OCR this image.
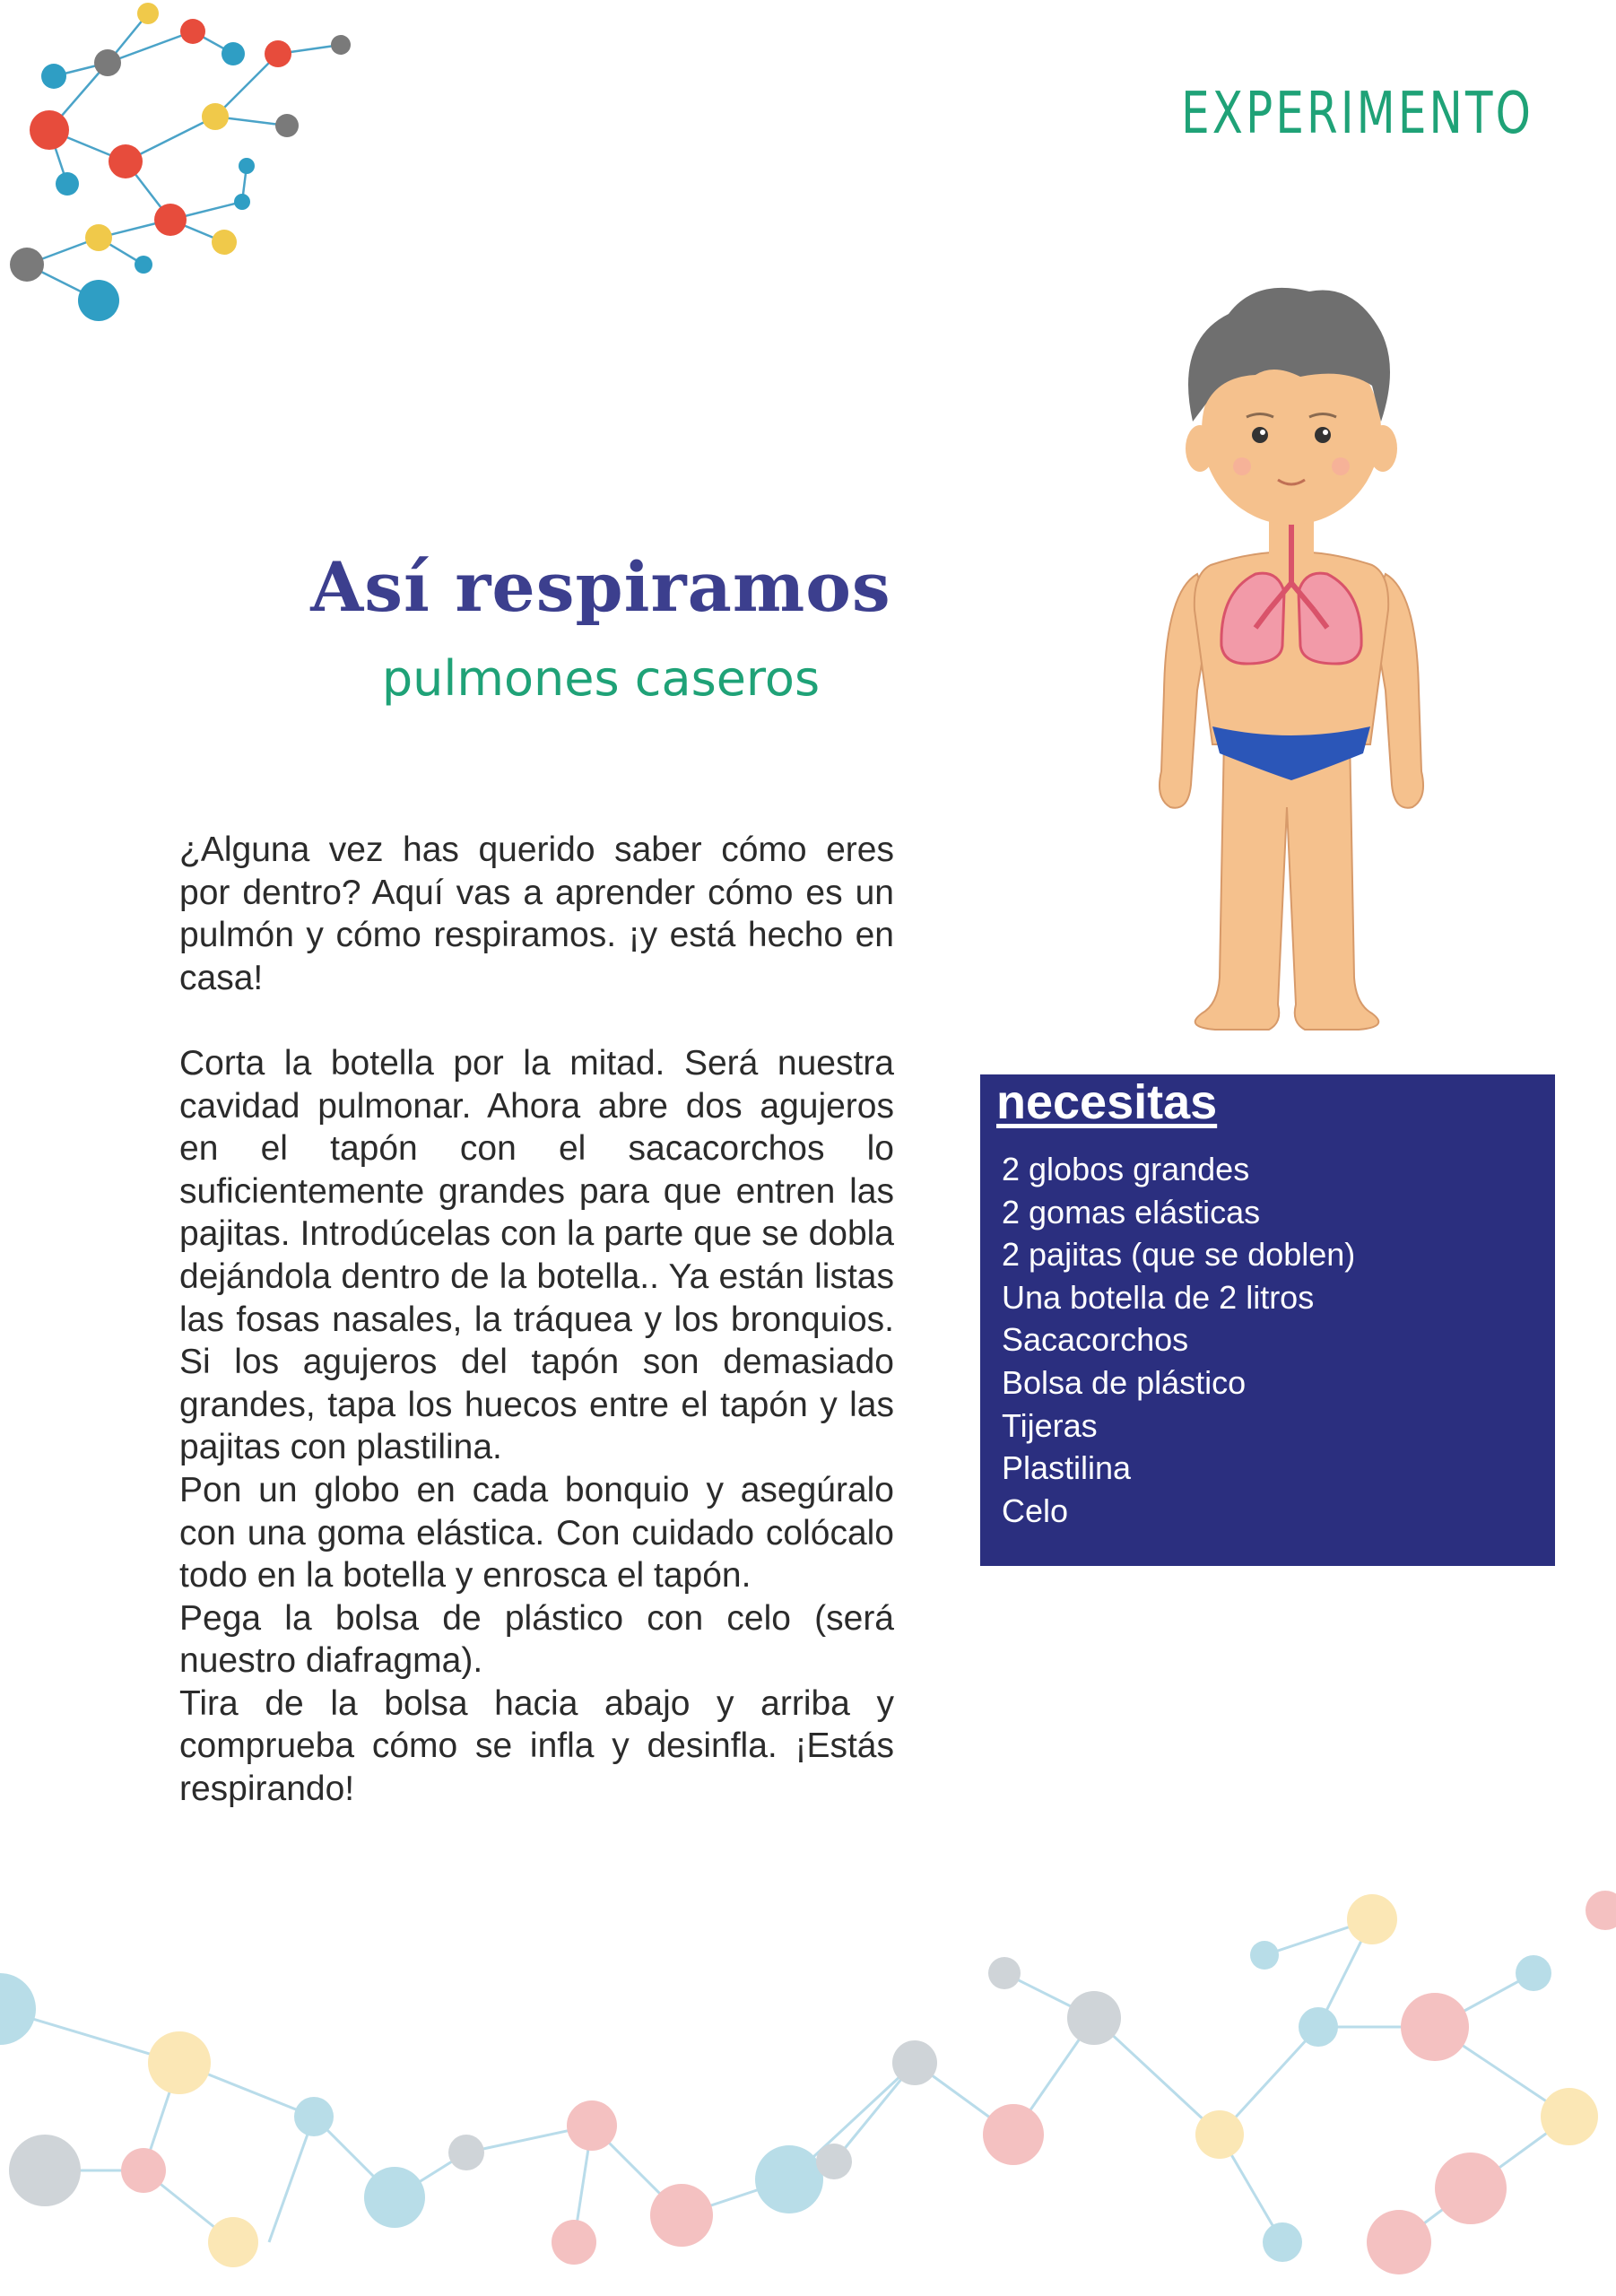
EXPERIMENTO
Así respiramos
pulmones caseros

¿Alguna vez has querido saber cómo eres por dentro? Aquí vas a aprender cómo es un pulmón y cómo respiramos. ¡y está hecho en casa!

Corta la botella por la mitad. Será nuestra cavidad pulmonar. Ahora abre dos agujeros en el tapón con el sacacorchos lo suficientemente grandes para que entren las pajitas. Introdúcelas con la parte que se dobla dejándola dentro de la botella.. Ya están listas las fosas nasales, la tráquea y los bronquios. Si los agujeros del tapón son demasiado grandes, tapa los huecos entre el tapón y las pajitas con plastilina.

Pon un globo en cada bonquio y asegúralo con una goma elástica. Con cuidado colócalo todo en la botella y enrosca el tapón.

Pega la bolsa de plástico con celo (será nuestro diafragma).

Tira de la bolsa hacia abajo y arriba y comprueba cómo se infla y desinfla. ¡Estás respirando!

necesitas
2 globos grandes
2 gomas elásticas
2 pajitas (que se doblen)
Una botella de 2 litros
Sacacorchos
Bolsa de plástico
Tijeras
Plastilina
Celo
